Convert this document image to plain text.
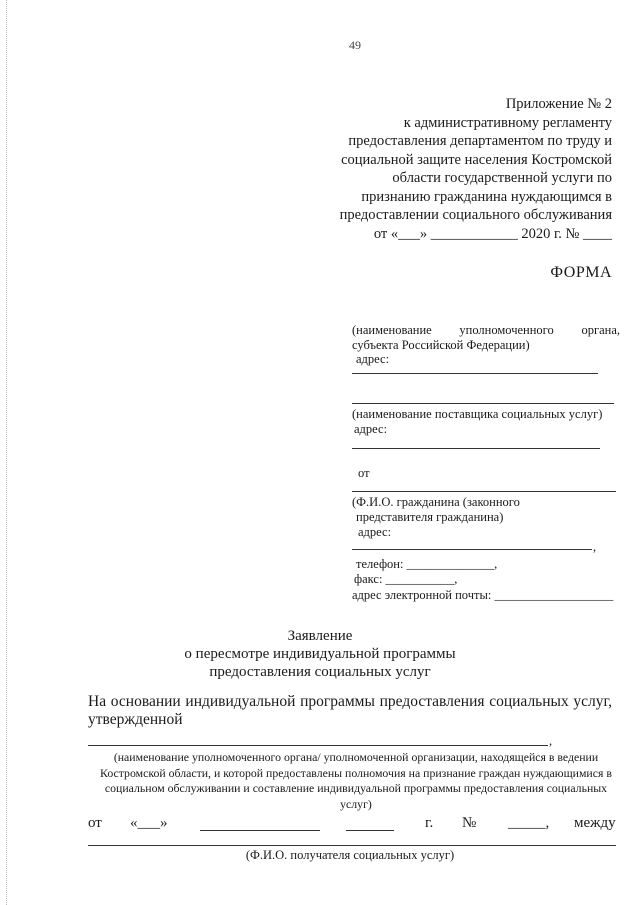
49
Приложение № 2
к административному регламенту
предоставления департаментом по труду и
социальной защите населения Костромской
области государственной услуги по
признанию гражданина нуждающимся в
предоставлении социального обслуживания
от «___» ____________ 2020 г. № ____
ФОРМА
(наименование уполномоченного органа,
субъекта Российской Федерации)
адрес:
(наименование поставщика социальных услуг)
адрес:
от
(Ф.И.О. гражданина (законного
представителя гражданина)
адрес:
,
телефон: ______________,
факс: ___________,
адрес электронной почты: ___________________
Заявление
о пересмотре индивидуальной программы
предоставления социальных услуг
На основании индивидуальной программы предоставления социальных услуг, утвержденной
,
(наименование уполномоченного органа/ уполномоченной организации, находящейся в ведении Костромской области, и которой предоставлены полномочия на признание граждан нуждающимися в социальном обслуживании и составление индивидуальной программы предоставления социальных услуг)
от «___»	г. № _____, между
(Ф.И.О. получателя социальных услуг)
